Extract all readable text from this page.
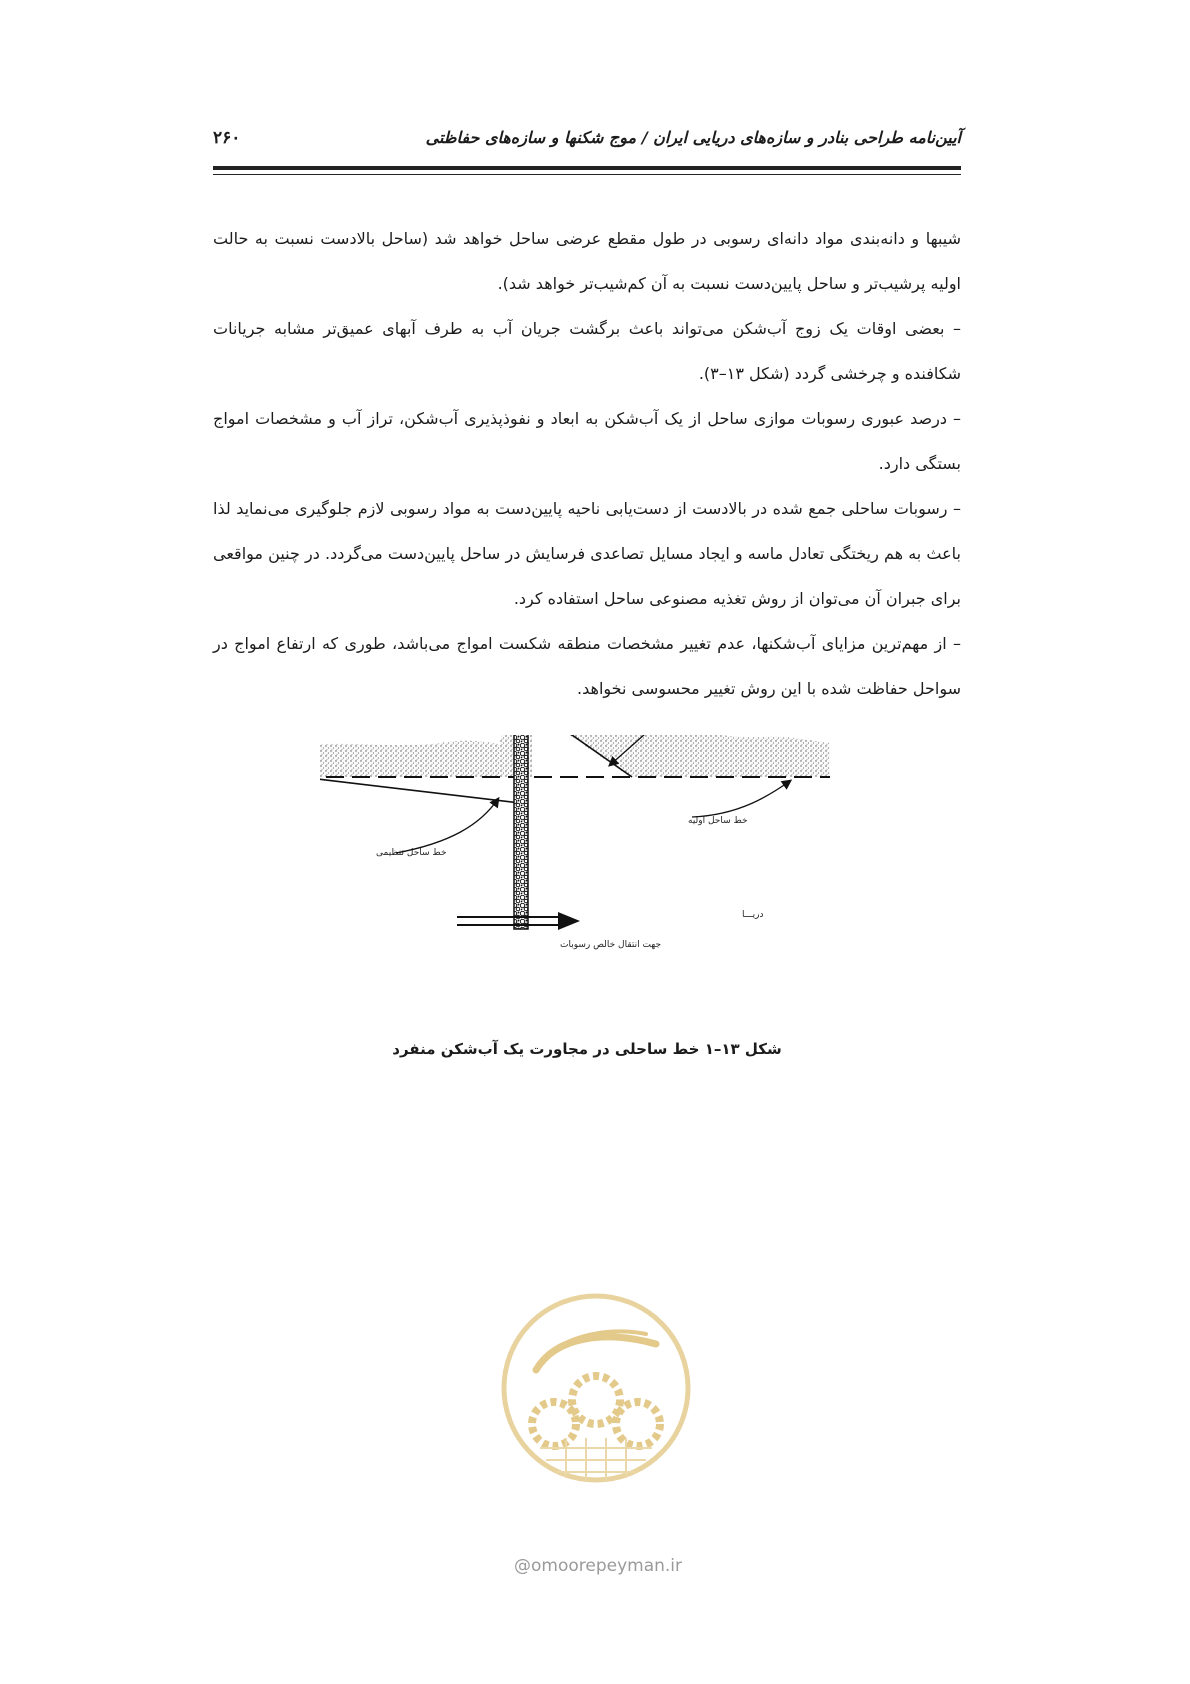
آیین‌نامه طراحی بنادر و سازه‌های دریایی ایران / موج شکنها و سازه‌های حفاظتی
۲۶۰

شیبها و دانه‌بندی مواد دانه‌ای رسوبی در طول مقطع عرضی ساحل خواهد شد (ساحل بالادست نسبت به حالت اولیه پرشیب‌تر و ساحل پایین‌دست نسبت به آن کم‌شیب‌تر خواهد شد).

– بعضی اوقات یک زوج آب‌شکن می‌تواند باعث برگشت جریان آب به طرف آبهای عمیق‌تر مشابه جریانات شکافنده و چرخشی گردد (شکل ۱۳–۳).

– درصد عبوری رسوبات موازی ساحل از یک آب‌شکن به ابعاد و نفوذپذیری آب‌شکن، تراز آب و مشخصات امواج بستگی دارد.

– رسوبات ساحلی جمع شده در بالادست از دست‌یابی ناحیه پایین‌دست به مواد رسوبی لازم جلوگیری می‌نماید لذا باعث به هم ریختگی تعادل ماسه و ایجاد مسایل تصاعدی فرسایش در ساحل پایین‌دست می‌گردد. در چنین مواقعی برای جبران آن می‌توان از روش تغذیه مصنوعی ساحل استفاده کرد.

– از مهم‌ترین مزایای آب‌شکنها، عدم تغییر مشخصات منطقه شکست امواج می‌باشد، طوری که ارتفاع امواج در سواحل حفاظت شده با این روش تغییر محسوسی نخواهد.

خط ساحل اولیه
خط ساحل تنظیمی
دریـــا
جهت انتقال خالص رسوبات
شکل ۱۳–۱ خط ساحلی در مجاورت یک آب‌شکن منفرد
@omoorepeyman.ir
